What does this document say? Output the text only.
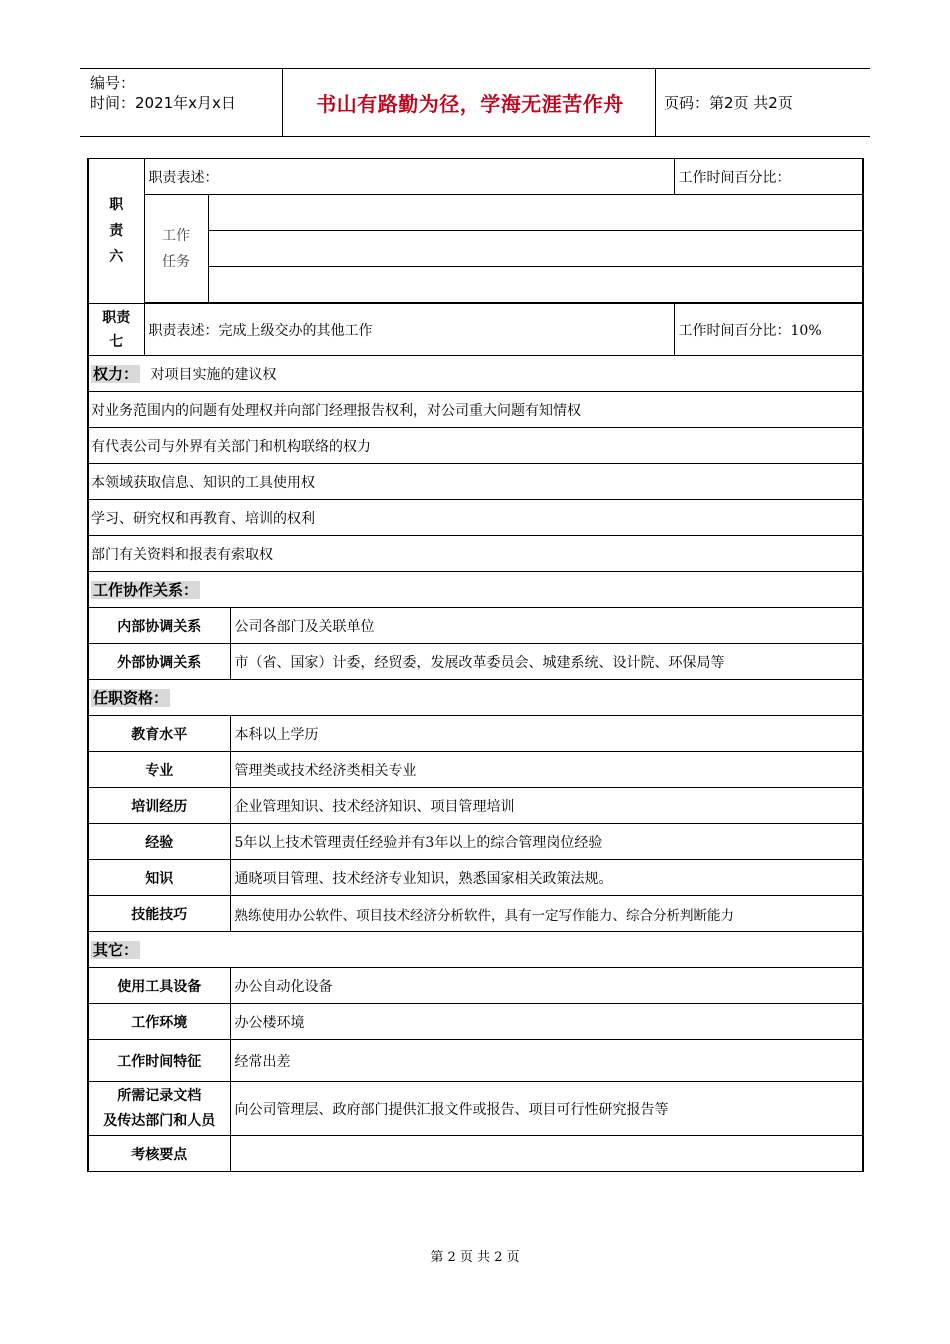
编号：
时间：2021年x月x日	书山有路勤为径，学海无涯苦作舟	页码：第2页 共2页
职
责
六	职责表述：			工作时间百分比：

	工作
任务			

职责
七	职责表述：完成上级交办的其他工作			工作时间百分比：10%
权力： 对项目实施的建议权				
对业务范围内的问题有处理权并向部门经理报告权利，对公司重大问题有知情权				
有代表公司与外界有关部门和机构联络的权力				
本领域获取信息、知识的工具使用权				
学习、研究权和再教育、培训的权利				
部门有关资料和报表有索取权				
工作协作关系：				
内部协调关系			公司各部门及关联单位	
外部协调关系			市（省、国家）计委，经贸委，发展改革委员会、城建系统、设计院、环保局等	
任职资格：				
教育水平			本科以上学历	
专业			管理类或技术经济类相关专业	
培训经历			企业管理知识、技术经济知识、项目管理培训	
经验			5年以上技术管理责任经验并有3年以上的综合管理岗位经验	
知识			通晓项目管理、技术经济专业知识，熟悉国家相关政策法规。	
技能技巧			熟练使用办公软件、项目技术经济分析软件，具有一定写作能力、综合分析判断能力	
其它：				
使用工具设备			办公自动化设备	
工作环境			办公楼环境	
工作时间特征			经常出差	

所需记录文档
及传达部门和人员			向公司管理层、政府部门提供汇报文件或报告、项目可行性研究报告等	
考核要点				
第 2 页 共 2 页
